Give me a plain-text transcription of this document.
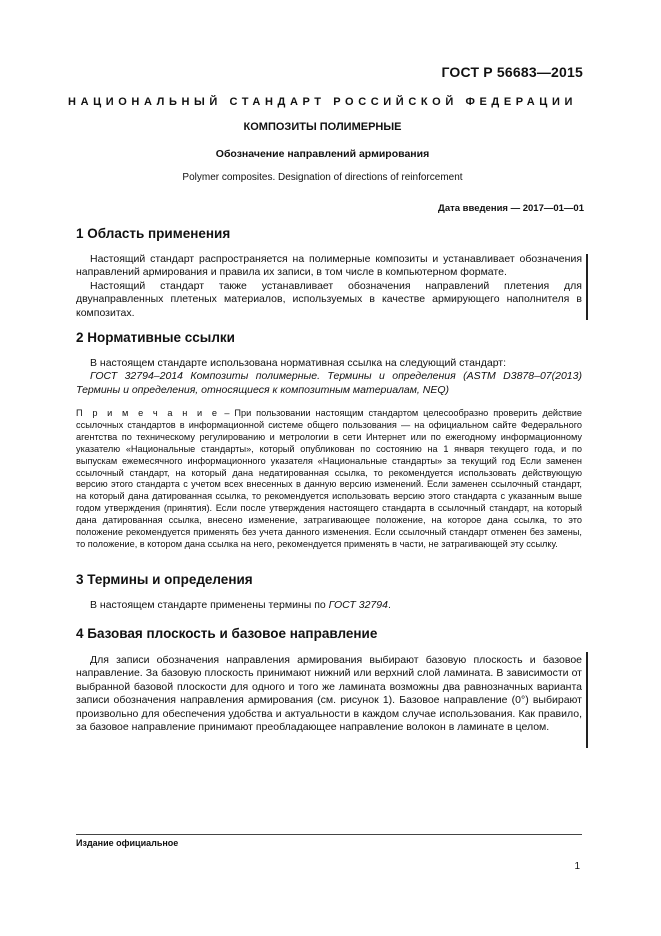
ГОСТ Р 56683—2015
НАЦИОНАЛЬНЫЙ СТАНДАРТ РОССИЙСКОЙ ФЕДЕРАЦИИ
КОМПОЗИТЫ ПОЛИМЕРНЫЕ
Обозначение направлений армирования
Polymer composites. Designation of directions of reinforcement
Дата введения — 2017—01—01
1 Область применения

Настоящий стандарт распространяется на полимерные композиты и устанавливает обозначения направлений армирования и правила их записи, в том числе в компьютерном формате.

Настоящий стандарт также устанавливает обозначения направлений плетения для двунаправленных плетеных материалов, используемых в качестве армирующего наполнителя в композитах.

2 Нормативные ссылки

В настоящем стандарте использована нормативная ссылка на следующий стандарт:

ГОСТ 32794–2014 Композиты полимерные. Термины и определения (ASTM D3878–07(2013) Термины и определения, относящиеся к композитным материалам, NEQ)

П р и м е ч а н и е – При пользовании настоящим стандартом целесообразно проверить действие ссылочных стандартов в информационной системе общего пользования — на официальном сайте Федерального агентства по техническому регулированию и метрологии в сети Интернет или по ежегодному информационному указателю «Национальные стандарты», который опубликован по состоянию на 1 января текущего года, и по выпускам ежемесячного информационного указателя «Национальные стандарты» за текущий год Если заменен ссылочный стандарт, на который дана недатированная ссылка, то рекомендуется использовать действующую версию этого стандарта с учетом всех внесенных в данную версию изменений. Если заменен ссылочный стандарт, на который дана датированная ссылка, то рекомендуется использовать версию этого стандарта с указанным выше годом утверждения (принятия). Если после утверждения настоящего стандарта в ссылочный стандарт, на который дана датированная ссылка, внесено изменение, затрагивающее положение, на которое дана ссылка, то это положение рекомендуется применять без учета данного изменения. Если ссылочный стандарт отменен без замены, то положение, в котором дана ссылка на него, рекомендуется применять в части, не затрагивающей эту ссылку.
3 Термины и определения

В настоящем стандарте применены термины по ГОСТ 32794.

4 Базовая плоскость и базовое направление

Для записи обозначения направления армирования выбирают базовую плоскость и базовое направление. За базовую плоскость принимают нижний или верхний слой ламината. В зависимости от выбранной базовой плоскости для одного и того же ламината возможны два равнозначных варианта записи обозначения направления армирования (см. рисунок 1). Базовое направление (0°) выбирают произвольно для обеспечения удобства и актуальности в каждом случае использования. Как правило, за базовое направление принимают преобладающее направление волокон в ламинате в целом.

Издание официальное
1
